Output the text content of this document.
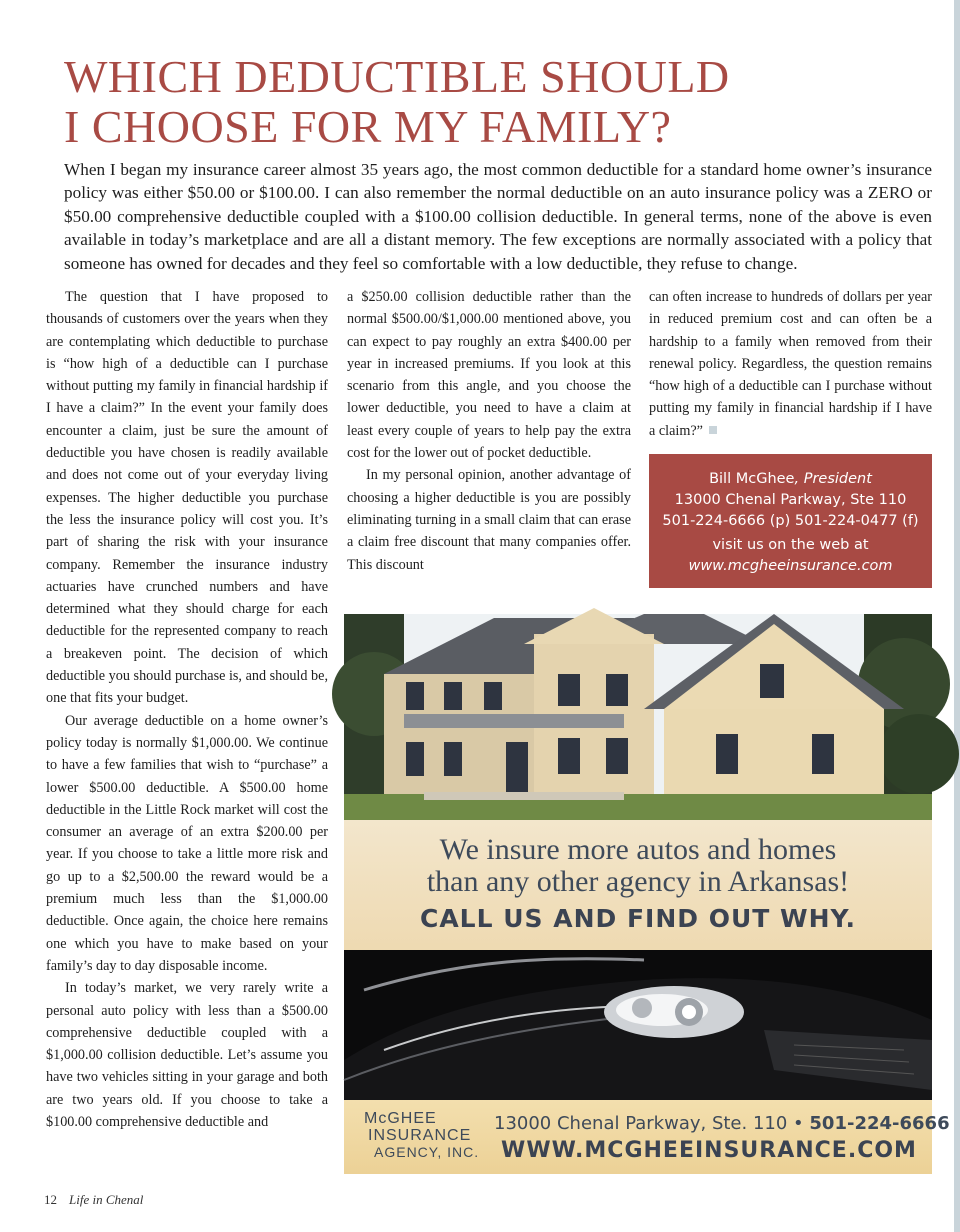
WHICH DEDUCTIBLE SHOULD
I CHOOSE FOR MY FAMILY?

When I began my insurance career almost 35 years ago, the most common deductible for a standard home owner’s insurance policy was either $50.00 or $100.00. I can also remember the normal deductible on an auto insurance policy was a ZERO or $50.00 comprehensive deductible coupled with a $100.00 collision deductible. In general terms, none of the above is even available in today’s marketplace and are all a distant memory. The few exceptions are normally associated with a policy that someone has owned for decades and they feel so comfortable with a low deductible, they refuse to change.

The question that I have proposed to thousands of customers over the years when they are contemplating which deductible to purchase is “how high of a deductible can I purchase without putting my family in financial hardship if I have a claim?” In the event your family does encounter a claim, just be sure the amount of deductible you have chosen is readily available and does not come out of your everyday living expenses. The higher deductible you purchase the less the insurance policy will cost you. It’s part of sharing the risk with your insurance company. Remember the insurance industry actuaries have crunched numbers and have determined what they should charge for each deductible for the represented company to reach a breakeven point. The decision of which deductible you should purchase is, and should be, one that fits your budget.

Our average deductible on a home owner’s policy today is normally $1,000.00. We continue to have a few families that wish to “purchase” a lower $500.00 deductible. A $500.00 home deductible in the Little Rock market will cost the consumer an average of an extra $200.00 per year. If you choose to take a little more risk and go up to a $2,500.00 the reward would be a premium much less than the $1,000.00 deductible. Once again, the choice here remains one which you have to make based on your family’s day to day disposable income.

In today’s market, we very rarely write a personal auto policy with less than a $500.00 comprehensive deductible coupled with a $1,000.00 collision deductible. Let’s assume you have two vehicles sitting in your garage and both are two years old. If you choose to take a $100.00 comprehensive deductible and

a $250.00 collision deductible rather than the normal $500.00/$1,000.00 mentioned above, you can expect to pay roughly an extra $400.00 per year in increased premiums. If you look at this scenario from this angle, and you choose the lower deductible, you need to have a claim at least every couple of years to help pay the extra cost for the lower out of pocket deductible.

In my personal opinion, another advantage of choosing a higher deductible is you are possibly eliminating turning in a small claim that can erase a claim free discount that many companies offer. This discount

can often increase to hundreds of dollars per year in reduced premium cost and can often be a hardship to a family when removed from their renewal policy. Regardless, the question remains “how high of a deductible can I purchase without putting my family in financial hardship if I have a claim?”

Bill McGhee, President
13000 Chenal Parkway, Ste 110
501-224-6666 (p) 501-224-0477 (f)
visit us on the web at
www.mcgheeinsurance.com
We insure more autos and homes
than any other agency in Arkansas!
CALL US AND FIND OUT WHY.
McGHEE
INSURANCE
AGENCY, INC.
13000 Chenal Parkway, Ste. 110 • 501-224-6666
WWW.MCGHEEINSURANCE.COM
12 Life in Chenal
